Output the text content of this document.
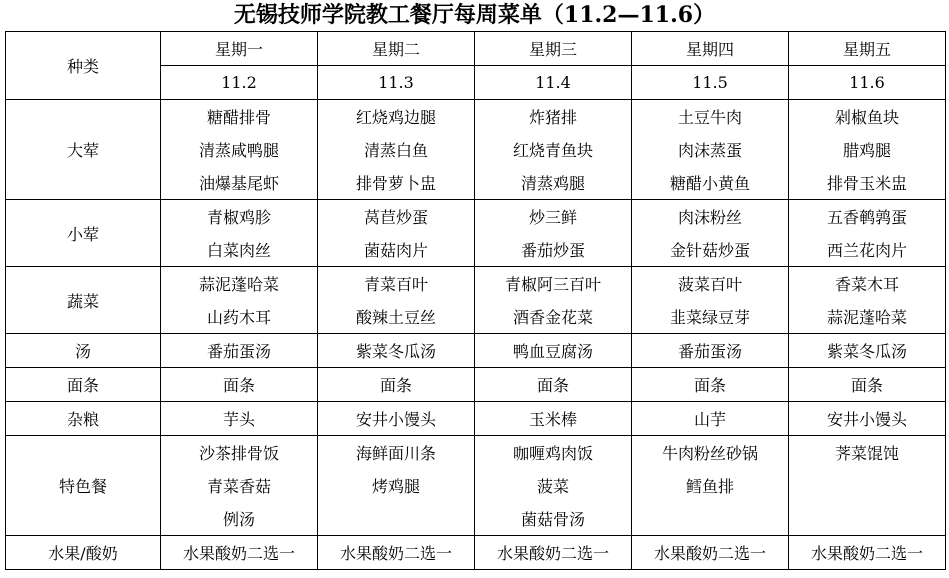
无锡技师学院教工餐厅每周菜单（11.2—11.6）
种类	星期一	星期二	星期三	星期四	星期五
	11.2	11.3	11.4	11.5	11.6
大荤	糖醋排骨	红烧鸡边腿	炸猪排	土豆牛肉	剁椒鱼块
	清蒸咸鸭腿	清蒸白鱼	红烧青鱼块	肉沫蒸蛋	腊鸡腿
	油爆基尾虾	排骨萝卜盅	清蒸鸡腿	糖醋小黄鱼	排骨玉米盅
小荤	青椒鸡胗	莴苣炒蛋	炒三鲜	肉沫粉丝	五香鹌鹑蛋
	白菜肉丝	菌菇肉片	番茄炒蛋	金针菇炒蛋	西兰花肉片
蔬菜	蒜泥蓬哈菜	青菜百叶	青椒阿三百叶	菠菜百叶	香菜木耳
	山药木耳	酸辣土豆丝	酒香金花菜	韭菜绿豆芽	蒜泥蓬哈菜
汤	番茄蛋汤	紫菜冬瓜汤	鸭血豆腐汤	番茄蛋汤	紫菜冬瓜汤
面条	面条	面条	面条	面条	面条
杂粮	芋头	安井小馒头	玉米棒	山芋	安井小馒头
特色餐	沙茶排骨饭	海鲜面川条	咖喱鸡肉饭	牛肉粉丝砂锅	荠菜馄饨
	青菜香菇	烤鸡腿	菠菜	鳕鱼排	
	例汤		菌菇骨汤		
水果/酸奶	水果酸奶二选一	水果酸奶二选一	水果酸奶二选一	水果酸奶二选一	水果酸奶二选一
